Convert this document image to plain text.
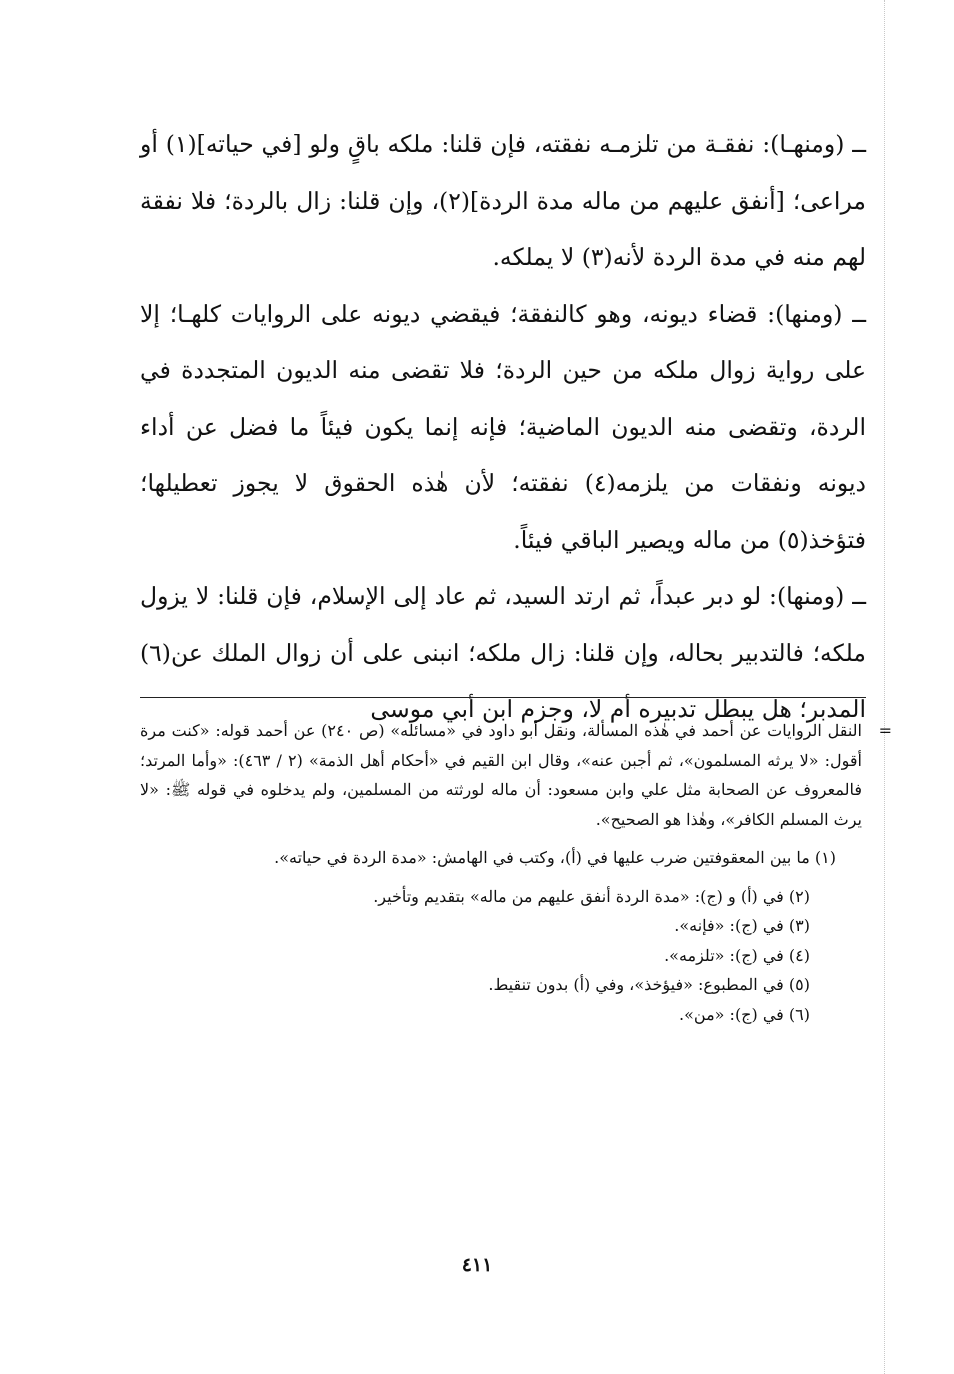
ــ (ومنهـا): نفقـة من تلزمـه نفقته، فإن قلنا: ملكه باقٍ ولو [في حياته](١) أو مراعى؛ [أنفق عليهم من ماله مدة الردة](٢)، وإن قلنا: زال بالردة؛ فلا نفقة لهم منه في مدة الردة لأنه(٣) لا يملكه.

ــ (ومنها): قضاء ديونه، وهو كالنفقة؛ فيقضي ديونه على الروايات كلهـا؛ إلا على رواية زوال ملكه من حين الردة؛ فلا تقضى منه الديون المتجددة في الردة، وتقضى منه الديون الماضية؛ فإنه إنما يكون فيئاً ما فضل عن أداء ديونه ونفقات من يلزمه(٤) نفقته؛ لأن هٰذه الحقوق لا يجوز تعطيلها؛ فتؤخذ(٥) من ماله ويصير الباقي فيئاً.

ــ (ومنها): لو دبر عبداً، ثم ارتد السيد، ثم عاد إلى الإسلام، فإن قلنا: لا يزول ملكه؛ فالتدبير بحاله، وإن قلنا: زال ملكه؛ انبنى على أن زوال الملك عن(٦) المدبر؛ هل يبطل تدبيره أم لا، وجزم ابن أبي موسى

=
النقل الروايات عن أحمد في هٰذه المسألة، ونقل أبو داود في «مسائله» (ص ٢٤٠) عن أحمد قوله: «كنت مرة أقول: «لا يرثه المسلمون»، ثم أجبن عنه»، وقال ابن القيم في «أحكام أهل الذمة» (٢ / ٤٦٣): «وأما المرتد؛ فالمعروف عن الصحابة مثل علي وابن مسعود: أن ماله لورثته من المسلمين، ولم يدخلوه في قوله ﷺ: «لا يرث المسلم الكافر»، وهٰذا هو الصحيح».

(١) ما بين المعقوفتين ضرب عليها في (أ)، وكتب في الهامش: «مدة الردة في حياته».

(٢) في (أ) و (ج): «مدة الردة أنفق عليهم من ماله» بتقديم وتأخير.

(٣) في (ج): «فإنه».

(٤) في (ج): «تلزمه».

(٥) في المطبوع: «فيؤخذ»، وفي (أ) بدون تنقيط.

(٦) في (ج): «من».

٤١١
